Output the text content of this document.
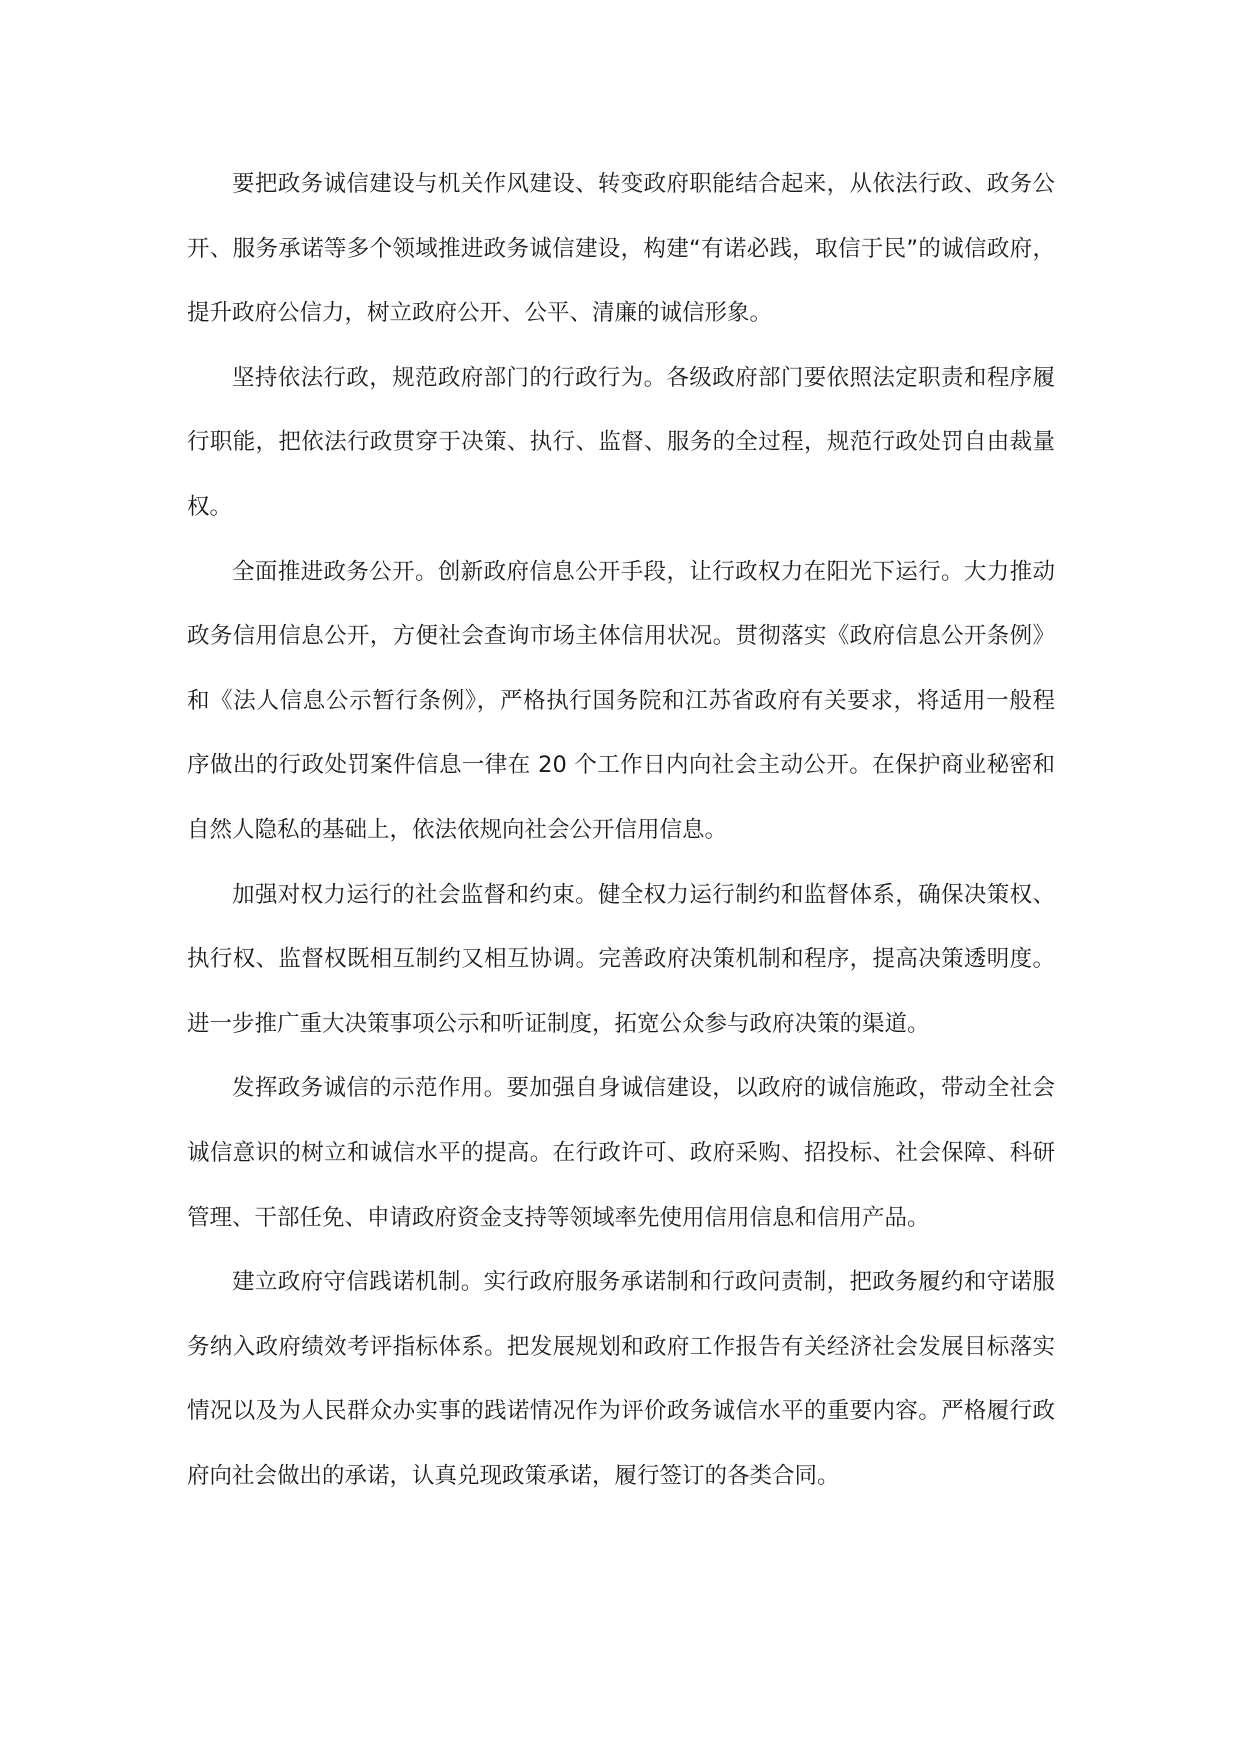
要把政务诚信建设与机关作风建设、转变政府职能结合起来，从依法行政、政务公
开、服务承诺等多个领域推进政务诚信建设，构建“有诺必践，取信于民”的诚信政府，
提升政府公信力，树立政府公开、公平、清廉的诚信形象。
坚持依法行政，规范政府部门的行政行为。各级政府部门要依照法定职责和程序履
行职能，把依法行政贯穿于决策、执行、监督、服务的全过程，规范行政处罚自由裁量
权。
全面推进政务公开。创新政府信息公开手段，让行政权力在阳光下运行。大力推动
政务信用信息公开，方便社会查询市场主体信用状况。贯彻落实《政府信息公开条例》
和《法人信息公示暂行条例》，严格执行国务院和江苏省政府有关要求，将适用一般程
序做出的行政处罚案件信息一律在 20 个工作日内向社会主动公开。在保护商业秘密和
自然人隐私的基础上，依法依规向社会公开信用信息。
加强对权力运行的社会监督和约束。健全权力运行制约和监督体系，确保决策权、
执行权、监督权既相互制约又相互协调。完善政府决策机制和程序，提高决策透明度。
进一步推广重大决策事项公示和听证制度，拓宽公众参与政府决策的渠道。
发挥政务诚信的示范作用。要加强自身诚信建设，以政府的诚信施政，带动全社会
诚信意识的树立和诚信水平的提高。在行政许可、政府采购、招投标、社会保障、科研
管理、干部任免、申请政府资金支持等领域率先使用信用信息和信用产品。
建立政府守信践诺机制。实行政府服务承诺制和行政问责制，把政务履约和守诺服
务纳入政府绩效考评指标体系。把发展规划和政府工作报告有关经济社会发展目标落实
情况以及为人民群众办实事的践诺情况作为评价政务诚信水平的重要内容。严格履行政
府向社会做出的承诺，认真兑现政策承诺，履行签订的各类合同。
